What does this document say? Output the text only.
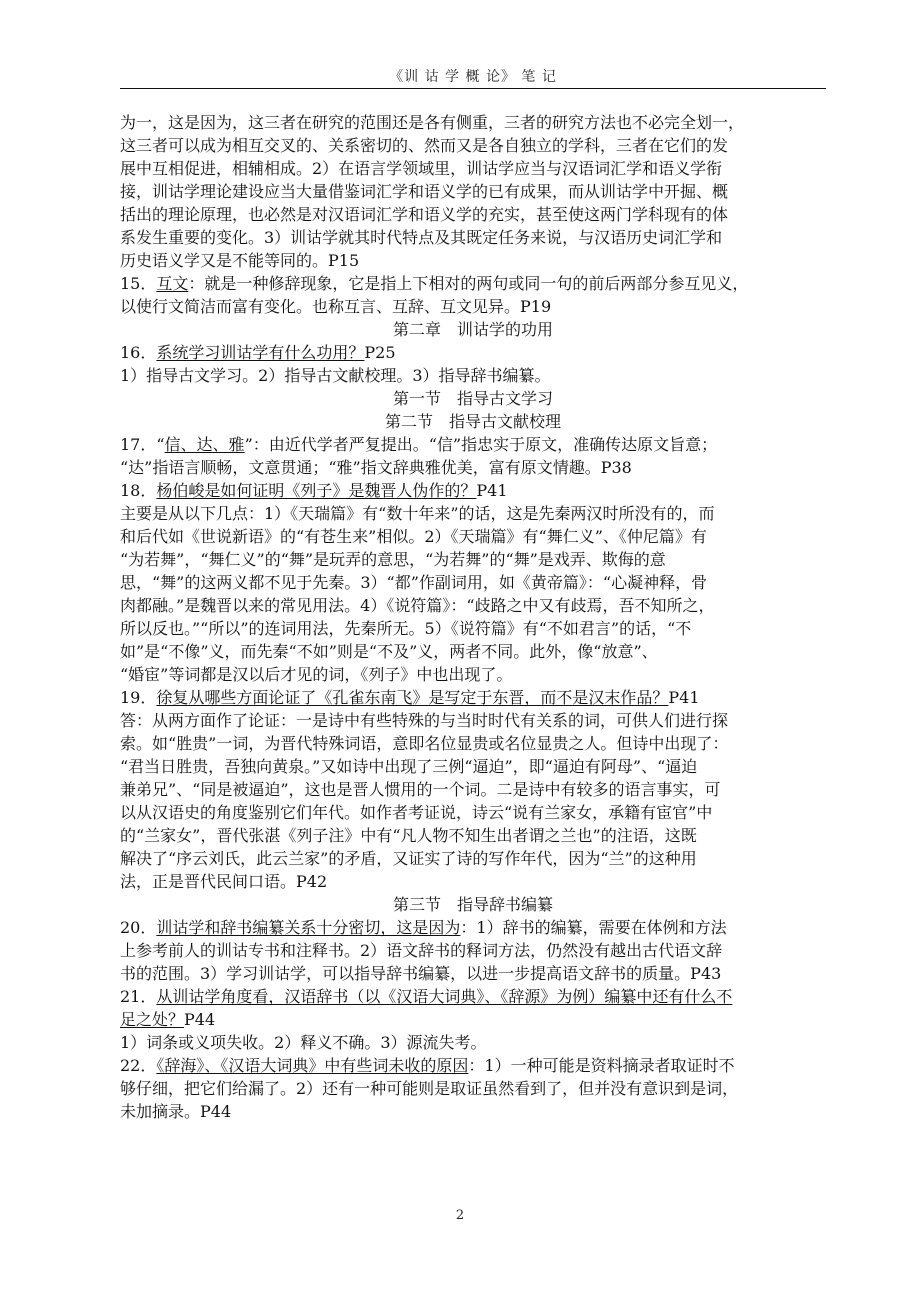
《训 诂 学 概 论》 笔 记
为一，这是因为，这三者在研究的范围还是各有侧重，三者的研究方法也不必完全划一，
这三者可以成为相互交叉的、关系密切的、然而又是各自独立的学科，三者在它们的发
展中互相促进，相辅相成。2）在语言学领域里，训诂学应当与汉语词汇学和语义学衔
接，训诂学理论建设应当大量借鉴词汇学和语义学的已有成果，而从训诂学中开掘、概
括出的理论原理，也必然是对汉语词汇学和语义学的充实，甚至使这两门学科现有的体
系发生重要的变化。3）训诂学就其时代特点及其既定任务来说，与汉语历史词汇学和
历史语义学又是不能等同的。P15
15．互文：就是一种修辞现象，它是指上下相对的两句或同一句的前后两部分参互见义，
以使行文简洁而富有变化。也称互言、互辞、互文见异。P19
第二章　训诂学的功用
16．系统学习训诂学有什么功用？P25
1）指导古文学习。2）指导古文献校理。3）指导辞书编纂。
第一节　指导古文学习
第二节　指导古文献校理
17．“信、达、雅”：由近代学者严复提出。“信”指忠实于原文，准确传达原文旨意；
“达”指语言顺畅，文意贯通；“雅”指文辞典雅优美，富有原文情趣。P38
18．杨伯峻是如何证明《列子》是魏晋人伪作的？P41
主要是从以下几点：1）《天瑞篇》有“数十年来”的话，这是先秦两汉时所没有的，而
和后代如《世说新语》的“有苍生来”相似。2）《天瑞篇》有“舞仁义”、《仲尼篇》有
“为若舞”，“舞仁义”的“舞”是玩弄的意思，“为若舞”的“舞”是戏弄、欺侮的意
思，“舞”的这两义都不见于先秦。3）“都”作副词用，如《黄帝篇》：“心凝神释，骨
肉都融。”是魏晋以来的常见用法。4）《说符篇》：“歧路之中又有歧焉，吾不知所之，
所以反也。”“所以”的连词用法，先秦所无。5）《说符篇》有“不如君言”的话，“不
如”是“不像”义，而先秦“不如”则是“不及”义，两者不同。此外，像“放意”、
“婚宦”等词都是汉以后才见的词，《列子》中也出现了。
19．徐复从哪些方面论证了《孔雀东南飞》是写定于东晋，而不是汉末作品？P41
答：从两方面作了论证：一是诗中有些特殊的与当时时代有关系的词，可供人们进行探
索。如“胜贵”一词，为晋代特殊词语，意即名位显贵或名位显贵之人。但诗中出现了：
“君当日胜贵，吾独向黄泉。”又如诗中出现了三例“逼迫”，即“逼迫有阿母”、“逼迫
兼弟兄”、“同是被逼迫”，这也是晋人惯用的一个词。二是诗中有较多的语言事实，可
以从汉语史的角度鉴别它们年代。如作者考证说，诗云“说有兰家女，承籍有宦官”中
的“兰家女”，晋代张湛《列子注》中有“凡人物不知生出者谓之兰也”的注语，这既
解决了“序云刘氏，此云兰家”的矛盾，又证实了诗的写作年代，因为“兰”的这种用
法，正是晋代民间口语。P42
第三节　指导辞书编纂
20．训诂学和辞书编纂关系十分密切，这是因为：1）辞书的编纂，需要在体例和方法
上参考前人的训诂专书和注释书。2）语文辞书的释词方法，仍然没有越出古代语文辞
书的范围。3）学习训诂学，可以指导辞书编纂，以进一步提高语文辞书的质量。P43
21．从训诂学角度看，汉语辞书（以《汉语大词典》、《辞源》为例）编纂中还有什么不
足之处？P44
1）词条或义项失收。2）释义不确。3）源流失考。
22．《辞海》、《汉语大词典》中有些词未收的原因：1）一种可能是资料摘录者取证时不
够仔细，把它们给漏了。2）还有一种可能则是取证虽然看到了，但并没有意识到是词，
未加摘录。P44
2
